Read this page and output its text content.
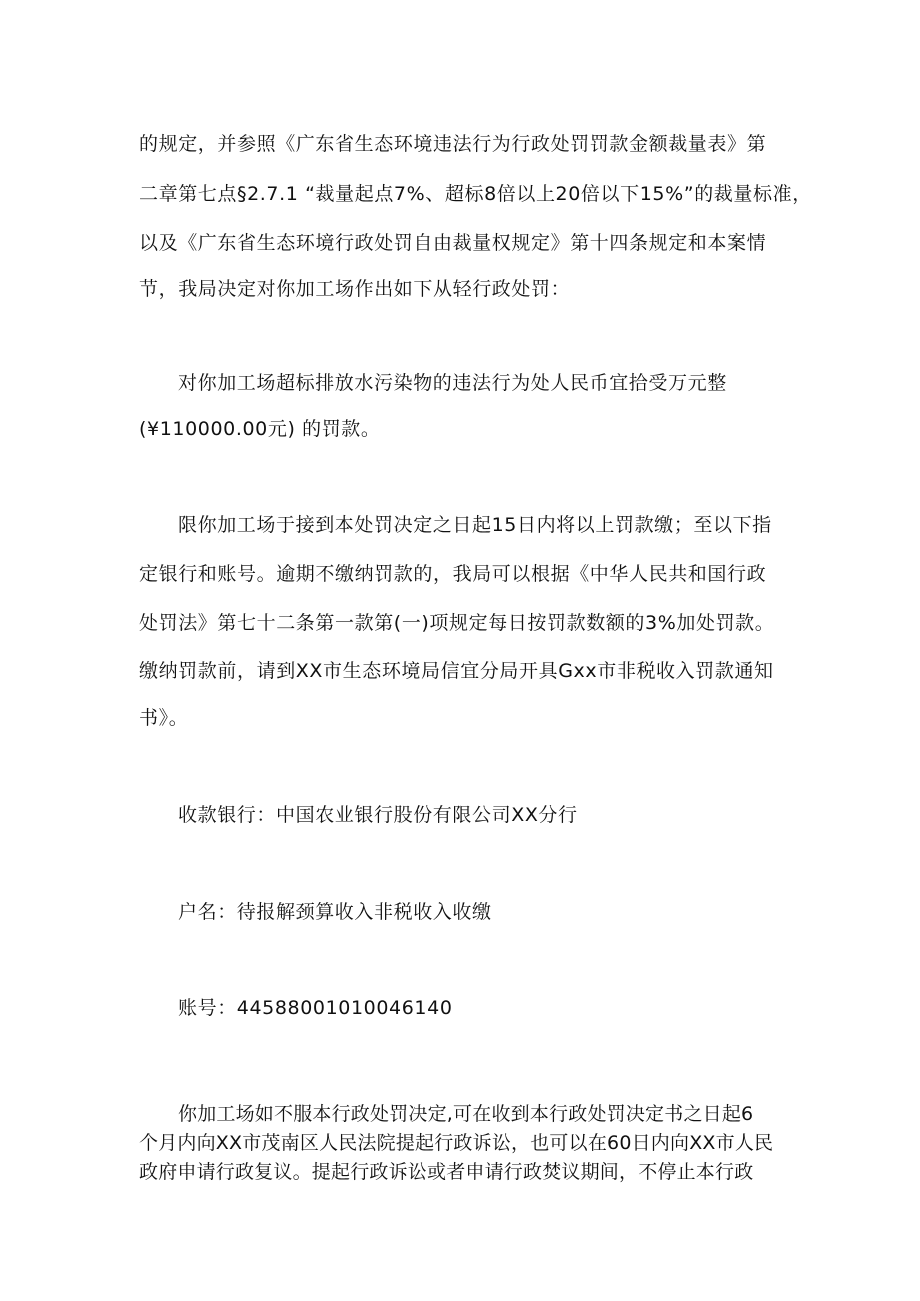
的规定，并参照《广东省生态环境违法行为行政处罚罚款金额裁量表》第
二章第七点§2.7.1 “裁量起点7%、超标8倍以上20倍以下15%”的裁量标准，
以及《广东省生态环境行政处罚自由裁量权规定》第十四条规定和本案情
节，我局决定对你加工场作出如下从轻行政处罚：
对你加工场超标排放水污染物的违法行为处人民币宜拾受万元整
(¥110000.00元) 的罚款。
限你加工场于接到本处罚决定之日起15日内将以上罚款缴；至以下指
定银行和账号。逾期不缴纳罚款的，我局可以根据《中华人民共和国行政
处罚法》第七十二条第一款第(一)项规定每日按罚款数额的3%加处罚款。
缴纳罚款前，请到XX市生态环境局信宜分局开具Gxx市非税收入罚款通知
书》。
收款银行：中国农业银行股份有限公司XX分行
户名：待报解颈算收入非税收入收缴
账号：44588001010046140
你加工场如不服本行政处罚决定,可在收到本行政处罚决定书之日起6
个月内向XX市茂南区人民法院提起行政诉讼，也可以在60日内向XX市人民
政府申请行政复议。提起行政诉讼或者申请行政焚议期间，不停止本行政
